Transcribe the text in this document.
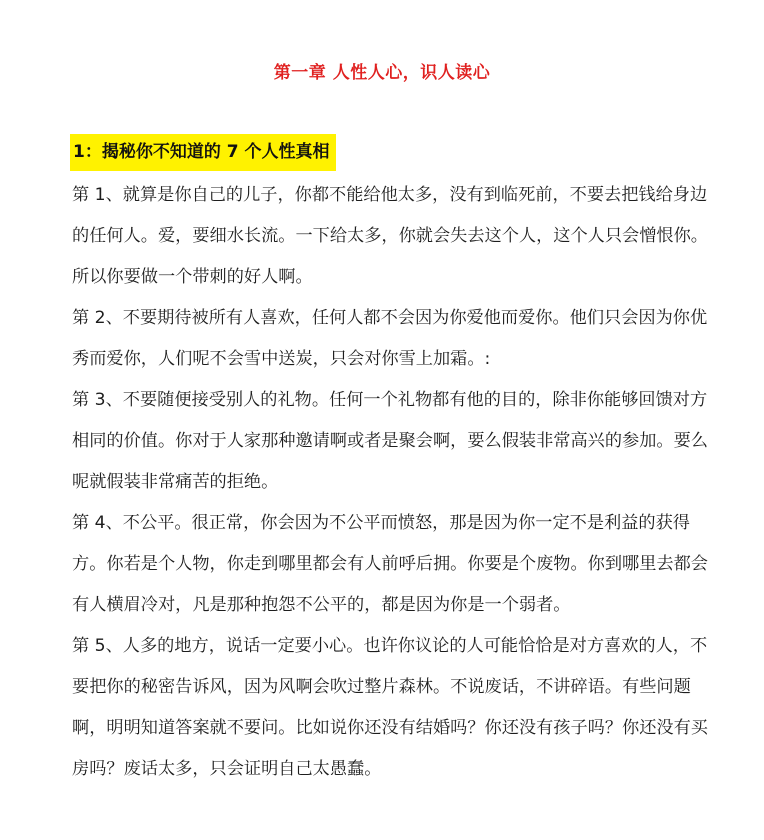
第一章 人性人心，识人读心
1：揭秘你不知道的 7 个人性真相

第 1、就算是你自己的儿子，你都不能给他太多，没有到临死前，不要去把钱给身边的任何人。爱，要细水长流。一下给太多，你就会失去这个人，这个人只会憎恨你。所以你要做一个带刺的好人啊。

第 2、不要期待被所有人喜欢，任何人都不会因为你爱他而爱你。他们只会因为你优秀而爱你，人们呢不会雪中送炭，只会对你雪上加霜。:

第 3、不要随便接受别人的礼物。任何一个礼物都有他的目的，除非你能够回馈对方相同的价值。你对于人家那种邀请啊或者是聚会啊，要么假装非常高兴的参加。要么呢就假装非常痛苦的拒绝。

第 4、不公平。很正常，你会因为不公平而愤怒，那是因为你一定不是利益的获得方。你若是个人物，你走到哪里都会有人前呼后拥。你要是个废物。你到哪里去都会有人横眉冷对，凡是那种抱怨不公平的，都是因为你是一个弱者。

第 5、人多的地方，说话一定要小心。也许你议论的人可能恰恰是对方喜欢的人，不要把你的秘密告诉风，因为风啊会吹过整片森林。不说废话，不讲碎语。有些问题啊，明明知道答案就不要问。比如说你还没有结婚吗？你还没有孩子吗？你还没有买房吗？废话太多，只会证明自己太愚蠢。
